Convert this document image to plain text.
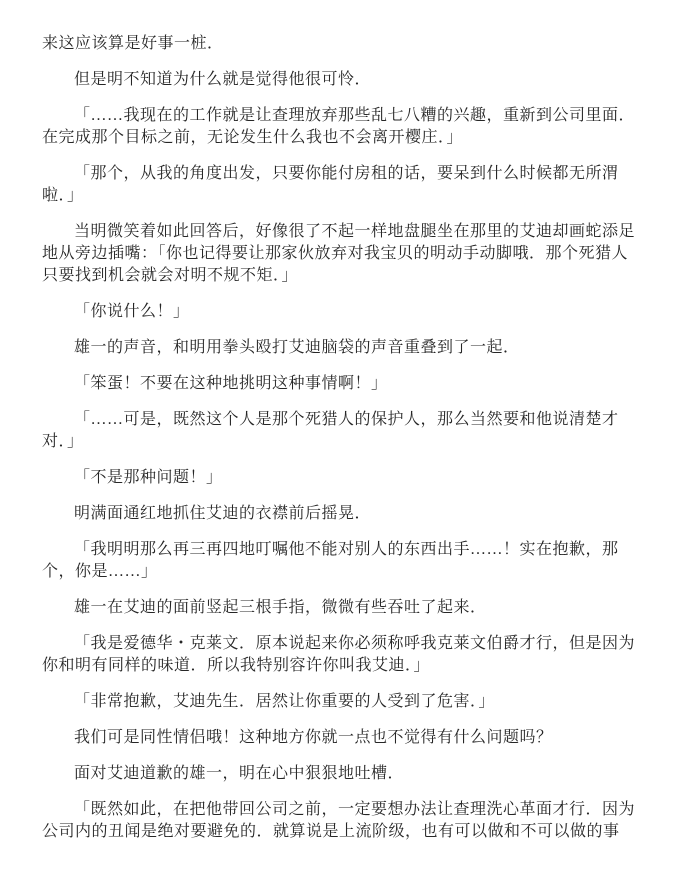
来这应该算是好事一桩．

但是明不知道为什么就是觉得他很可怜．

「……我现在的工作就是让查理放弃那些乱七八糟的兴趣，重新到公司里面．
在完成那个目标之前，无论发生什么我也不会离开樱庄．」

「那个，从我的角度出发，只要你能付房租的话，要呆到什么时候都无所渭
啦．」

当明微笑着如此回答后，好像很了不起一样地盘腿坐在那里的艾迪却画蛇添足
地从旁边插嘴：「你也记得要让那家伙放弃对我宝贝的明动手动脚哦．那个死猎人
只要找到机会就会对明不规不矩．」

「你说什么！」

雄一的声音，和明用拳头殴打艾迪脑袋的声音重叠到了一起．

「笨蛋！不要在这种地挑明这种事情啊！」

「……可是，既然这个人是那个死猎人的保护人，那么当然要和他说清楚才
对．」

「不是那种问题！」

明满面通红地抓住艾迪的衣襟前后摇晃．

「我明明那么再三再四地叮嘱他不能对别人的东西出手……！实在抱歉，那
个，你是……」

雄一在艾迪的面前竖起三根手指，微微有些吞吐了起来．

「我是爱德华・克莱文．原本说起来你必须称呼我克莱文伯爵才行，但是因为
你和明有同样的味道．所以我特别容许你叫我艾迪．」

「非常抱歉，艾迪先生．居然让你重要的人受到了危害．」

我们可是同性情侣哦！这种地方你就一点也不觉得有什么问题吗？

面对艾迪道歉的雄一，明在心中狠狠地吐槽．

「既然如此，在把他带回公司之前，一定要想办法让查理洗心革面才行．因为
公司内的丑闻是绝对要避免的．就算说是上流阶级，也有可以做和不可以做的事
